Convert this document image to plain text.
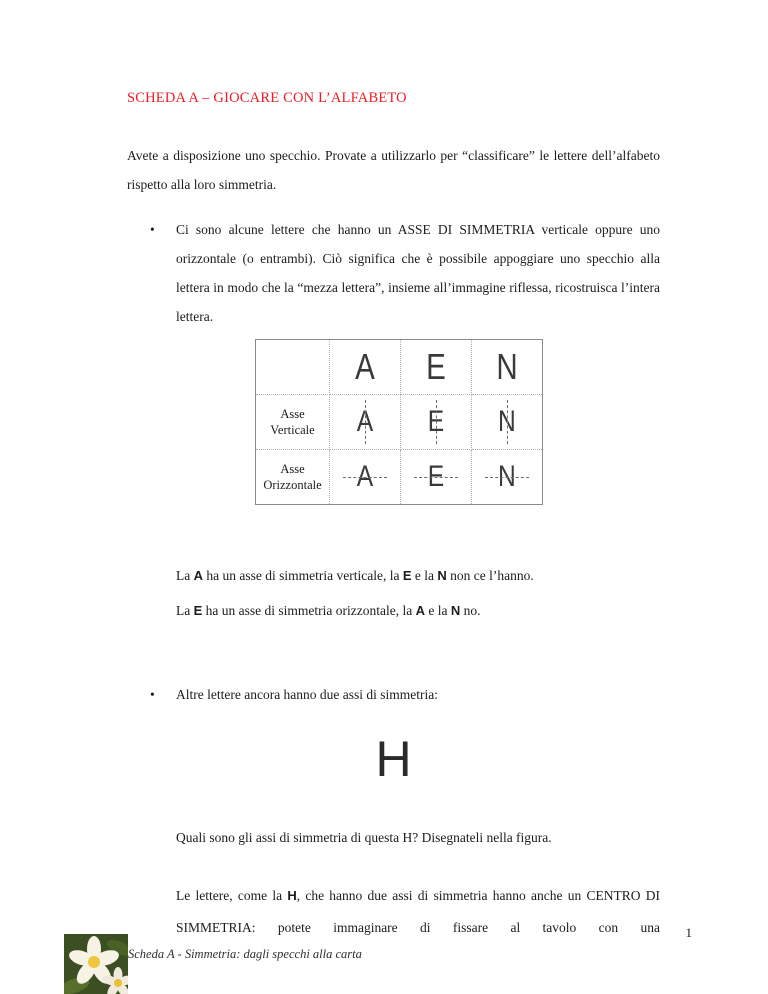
SCHEDA A – GIOCARE CON L’ALFABETO

Avete a disposizione uno specchio. Provate a utilizzarlo per “classificare” le lettere dell’alfabeto rispetto alla loro simmetria.

• Ci sono alcune lettere che hanno un ASSE DI SIMMETRIA verticale oppure uno orizzontale (o entrambi). Ciò significa che è possibile appoggiare uno specchio alla lettera in modo che la “mezza lettera”, insieme all’immagine riflessa, ricostruisca l’intera lettera.

	A	E	N
Asse
Verticale	A	E	N

Asse
Orizzontale	A	E	N

La A ha un asse di simmetria verticale, la E e la N non ce l’hanno.

La E ha un asse di simmetria orizzontale, la A e la N no.

• Altre lettere ancora hanno due assi di simmetria:

H

Quali sono gli assi di simmetria di questa H? Disegnateli nella figura.

Le lettere, come la H, che hanno due assi di simmetria hanno anche un CENTRO DI SIMMETRIA: potete immaginare di fissare al tavolo con una 1
Scheda A - Simmetria: dagli specchi alla carta
